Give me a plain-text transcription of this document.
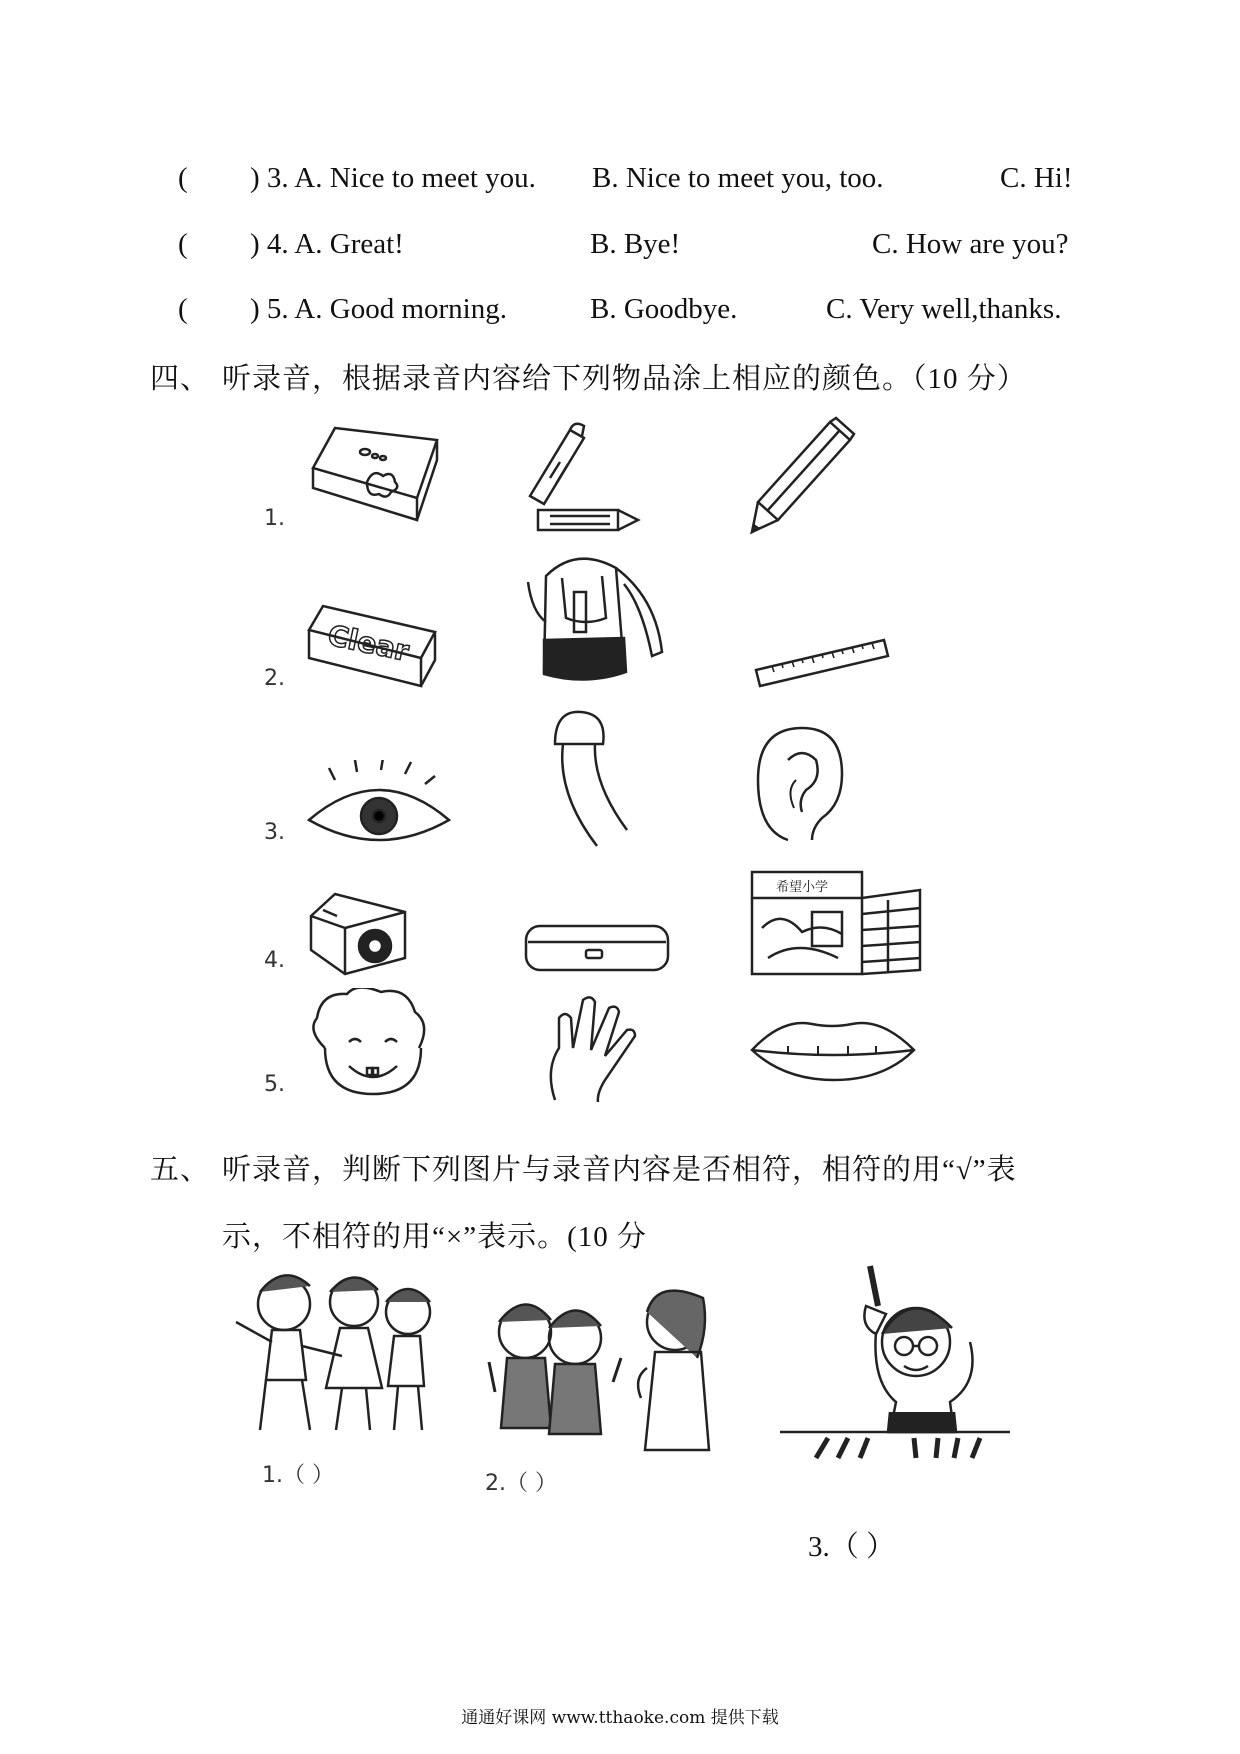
( ) 3. A. Nice to meet you. B. Nice to meet you, too.	C. Hi!
( ) 4. A. Great!	B. Bye!	C. How are you?
( ) 5. A. Good morning.	B. Goodbye.	C. Very well,thanks.
四、 听录音，根据录音内容给下列物品涂上相应的颜色。（10 分）
1.
2.
3.
4.
5.
Clear
希望小学
五、 听录音，判断下列图片与录音内容是否相符，相符的用“√”表
示，不相符的用“×”表示。(10 分
1.（ ）	2.（ ）
3.（ ）
通通好课网 www.tthaoke.com 提供下载
